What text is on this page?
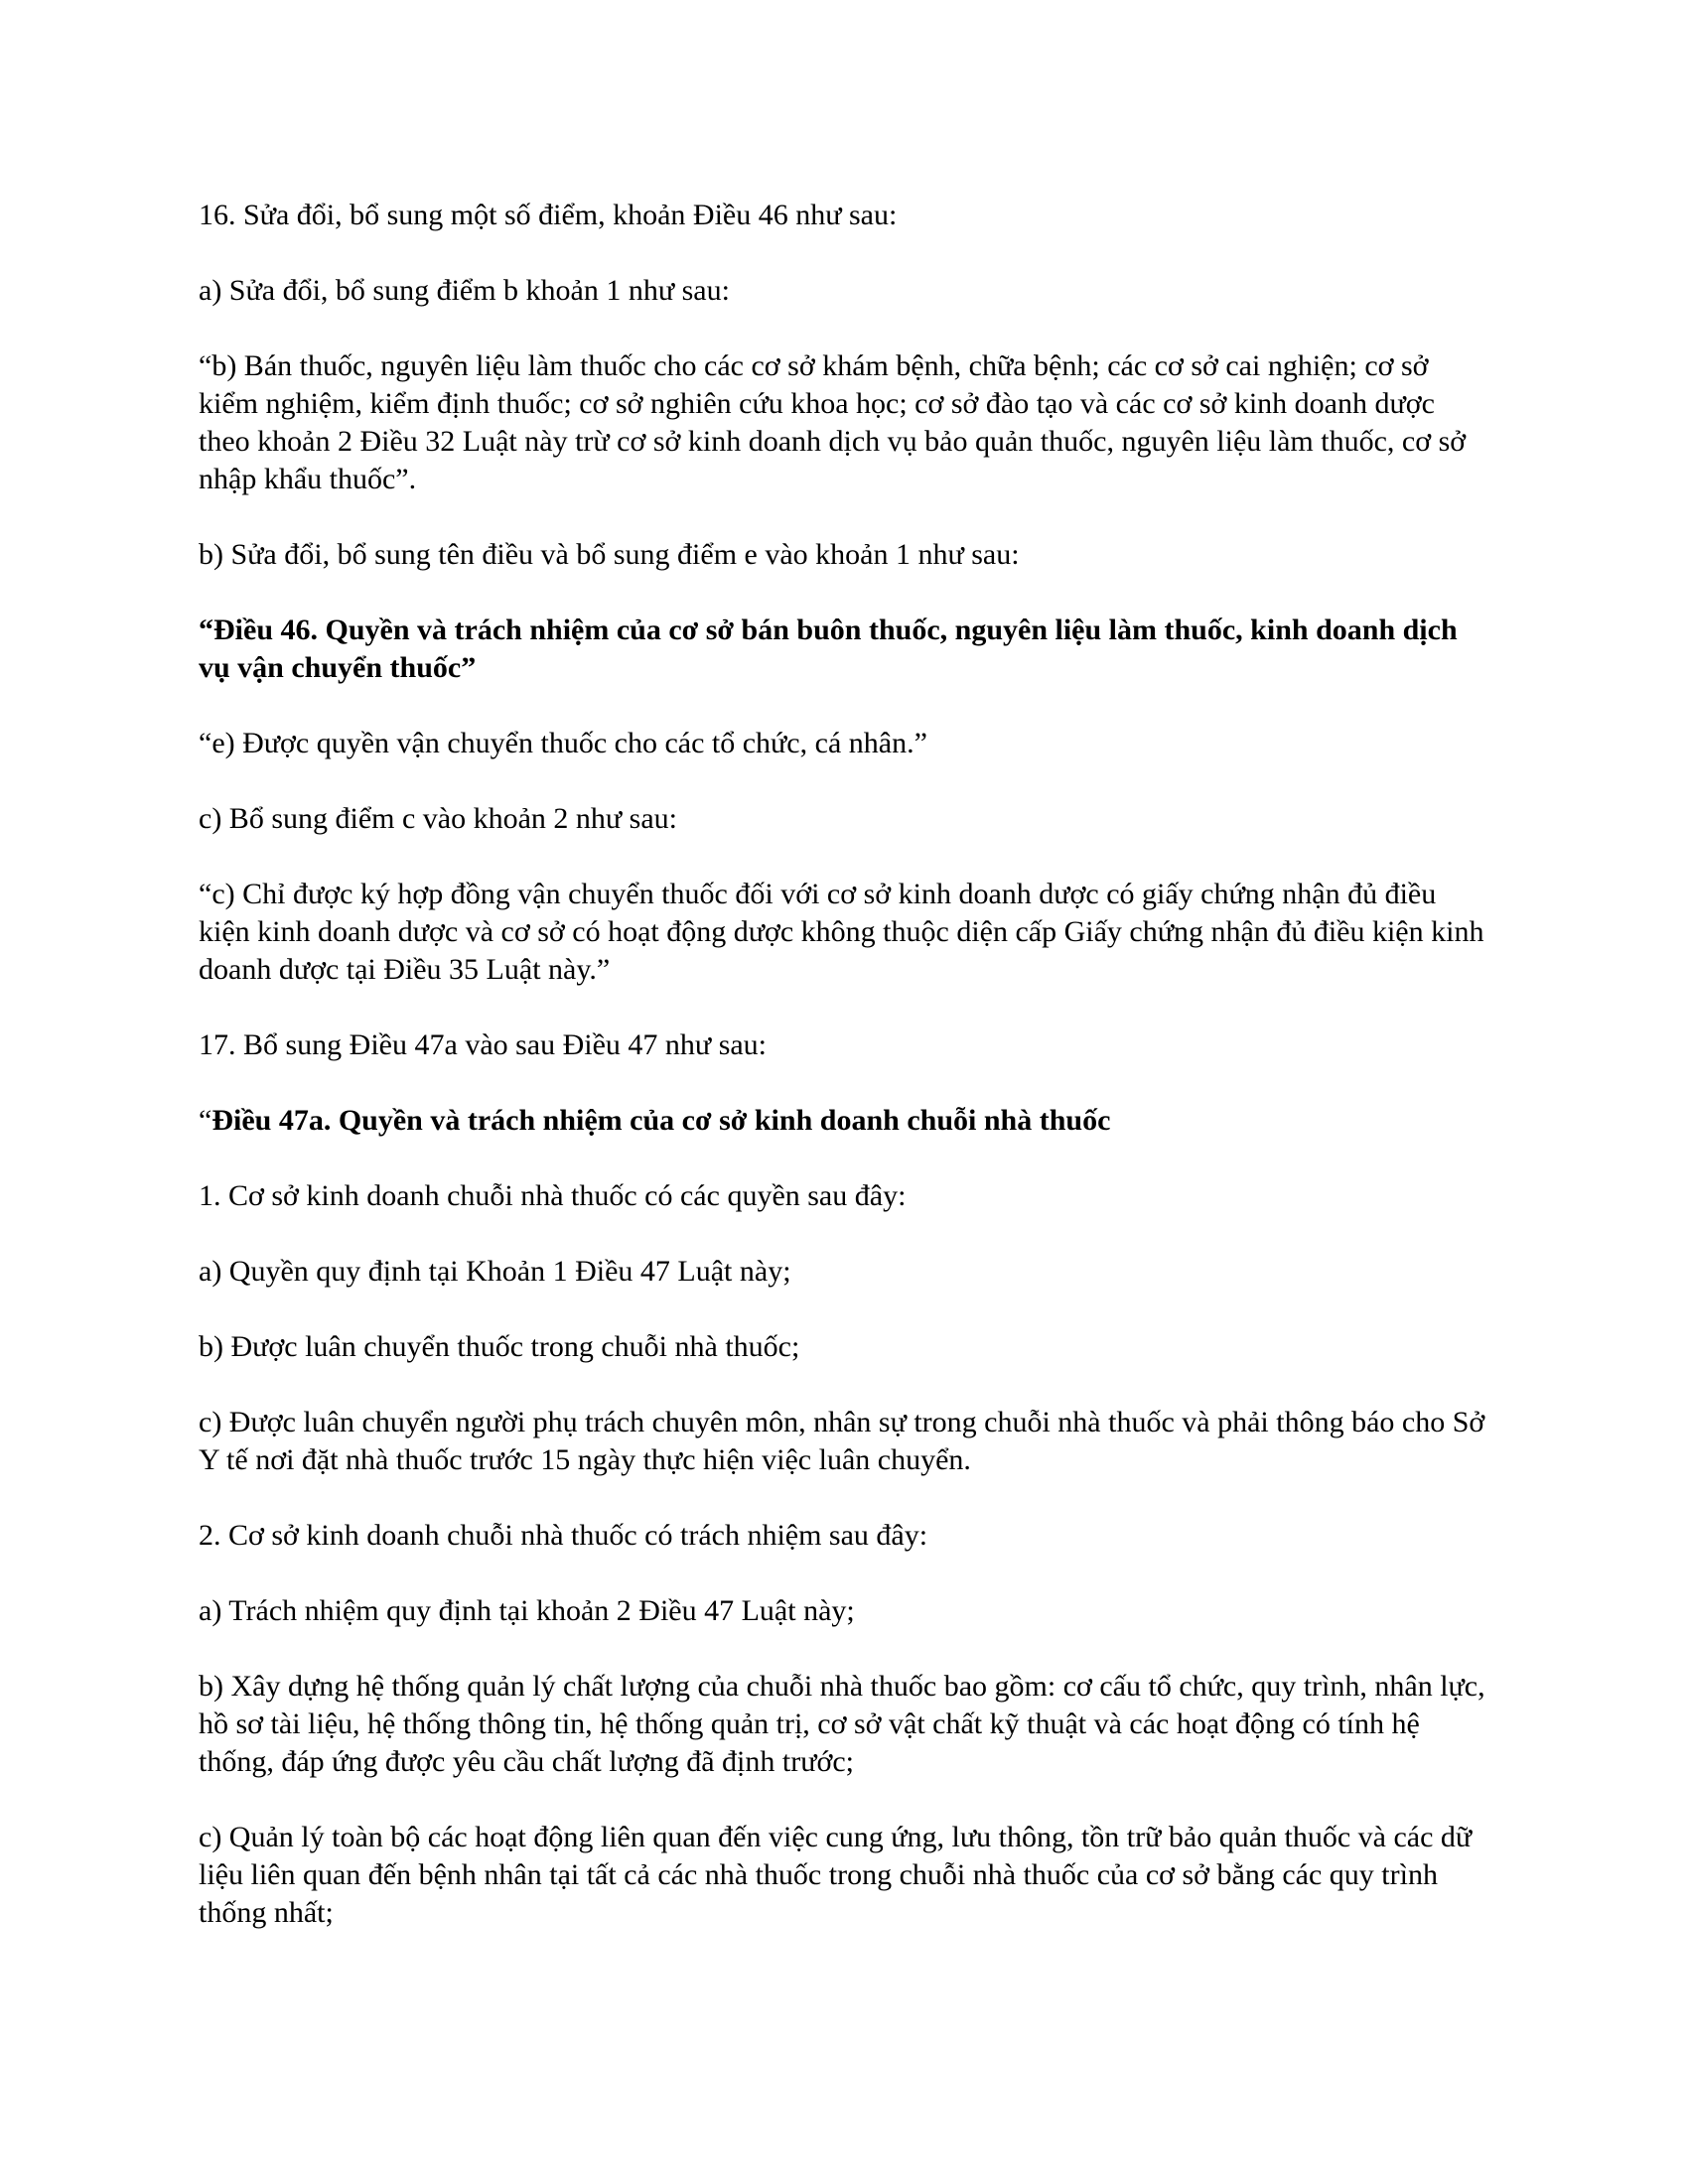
16. Sửa đổi, bổ sung một số điểm, khoản Điều 46 như sau:

a) Sửa đổi, bổ sung điểm b khoản 1 như sau:

“b) Bán thuốc, nguyên liệu làm thuốc cho các cơ sở khám bệnh, chữa bệnh; các cơ sở cai nghiện; cơ sở kiểm nghiệm, kiểm định thuốc; cơ sở nghiên cứu khoa học; cơ sở đào tạo và các cơ sở kinh doanh dược theo khoản 2 Điều 32 Luật này trừ cơ sở kinh doanh dịch vụ bảo quản thuốc, nguyên liệu làm thuốc, cơ sở nhập khẩu thuốc”.

b) Sửa đổi, bổ sung tên điều và bổ sung điểm e vào khoản 1 như sau:

“Điều 46. Quyền và trách nhiệm của cơ sở bán buôn thuốc, nguyên liệu làm thuốc, kinh doanh dịch vụ vận chuyển thuốc”

“e) Được quyền vận chuyển thuốc cho các tổ chức, cá nhân.”

c) Bổ sung điểm c vào khoản 2 như sau:

“c) Chỉ được ký hợp đồng vận chuyển thuốc đối với cơ sở kinh doanh dược có giấy chứng nhận đủ điều kiện kinh doanh dược và cơ sở có hoạt động dược không thuộc diện cấp Giấy chứng nhận đủ điều kiện kinh doanh dược tại Điều 35 Luật này.”

17. Bổ sung Điều 47a vào sau Điều 47 như sau:

“Điều 47a. Quyền và trách nhiệm của cơ sở kinh doanh chuỗi nhà thuốc

1. Cơ sở kinh doanh chuỗi nhà thuốc có các quyền sau đây:

a) Quyền quy định tại Khoản 1 Điều 47 Luật này;

b) Được luân chuyển thuốc trong chuỗi nhà thuốc;

c) Được luân chuyển người phụ trách chuyên môn, nhân sự trong chuỗi nhà thuốc và phải thông báo cho Sở Y tế nơi đặt nhà thuốc trước 15 ngày thực hiện việc luân chuyển.

2. Cơ sở kinh doanh chuỗi nhà thuốc có trách nhiệm sau đây:

a) Trách nhiệm quy định tại khoản 2 Điều 47 Luật này;

b) Xây dựng hệ thống quản lý chất lượng của chuỗi nhà thuốc bao gồm: cơ cấu tổ chức, quy trình, nhân lực, hồ sơ tài liệu, hệ thống thông tin, hệ thống quản trị, cơ sở vật chất kỹ thuật và các hoạt động có tính hệ thống, đáp ứng được yêu cầu chất lượng đã định trước;

c) Quản lý toàn bộ các hoạt động liên quan đến việc cung ứng, lưu thông, tồn trữ bảo quản thuốc và các dữ liệu liên quan đến bệnh nhân tại tất cả các nhà thuốc trong chuỗi nhà thuốc của cơ sở bằng các quy trình thống nhất;
